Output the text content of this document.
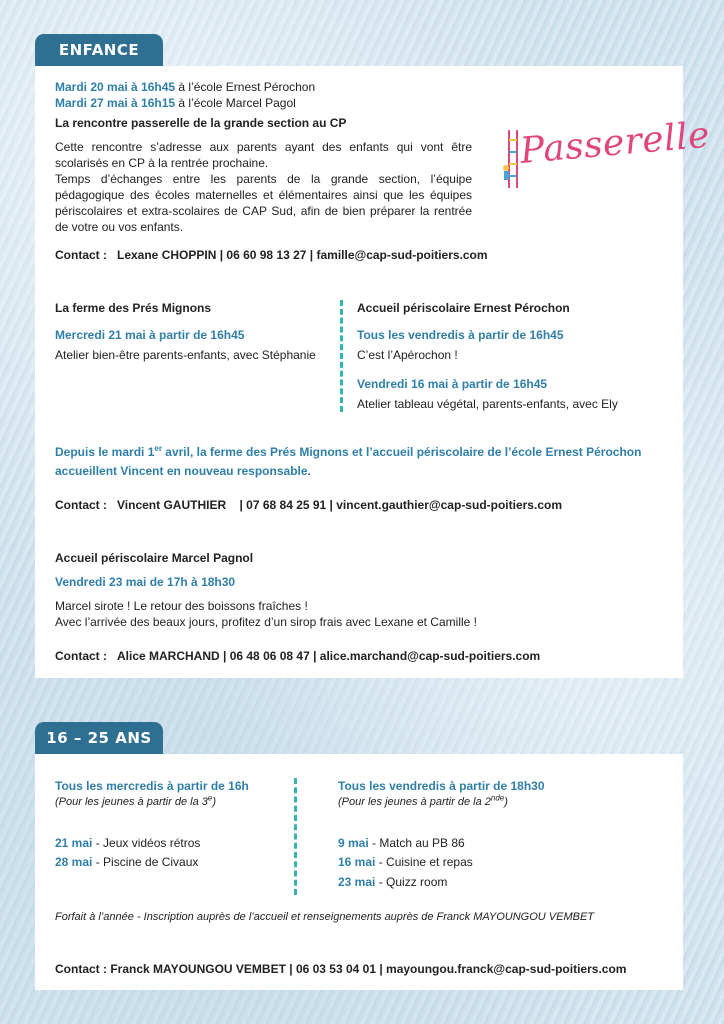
ENFANCE
Mardi 20 mai à 16h45 à l’école Ernest Pérochon
Mardi 27 mai à 16h15 à l’école Marcel Pagol
La rencontre passerelle de la grande section au CP
Cette rencontre s’adresse aux parents ayant des enfants qui vont être scolarisés en CP à la rentrée prochaine.
Temps d’échanges entre les parents de la grande section, l’équipe pédagogique des écoles maternelles et élémentaires ainsi que les équipes périscolaires et extra-scolaires de CAP Sud, afin de bien préparer la rentrée de votre ou vos enfants.
Passerelle
Contact : Lexane CHOPPIN | 06 60 98 13 27 | famille@cap-sud-poitiers.com
La ferme des Prés Mignons
Mercredi 21 mai à partir de 16h45
Atelier bien-être parents-enfants, avec Stéphanie
Accueil périscolaire Ernest Pérochon
Tous les vendredis à partir de 16h45
C’est l’Apérochon !
Vendredi 16 mai à partir de 16h45
Atelier tableau végétal, parents-enfants, avec Ely
Depuis le mardi 1er avril, la ferme des Prés Mignons et l’accueil périscolaire de l’école Ernest Pérochon accueillent Vincent en nouveau responsable.
Contact : Vincent GAUTHIER    | 07 68 84 25 91 | vincent.gauthier@cap-sud-poitiers.com
Accueil périscolaire Marcel Pagnol
Vendredi 23 mai de 17h à 18h30
Marcel sirote ! Le retour des boissons fraîches !
Avec l’arrivée des beaux jours, profitez d’un sirop frais avec Lexane et Camille !
Contact : Alice MARCHAND | 06 48 06 08 47 | alice.marchand@cap-sud-poitiers.com
16 – 25 ANS
Tous les mercredis à partir de 16h
(Pour les jeunes à partir de la 3e)
21 mai - Jeux vidéos rétros
28 mai - Piscine de Civaux
Tous les vendredis à partir de 18h30
(Pour les jeunes à partir de la 2nde)
9 mai - Match au PB 86
16 mai - Cuisine et repas
23 mai - Quizz room
Forfait à l’année - Inscription auprès de l’accueil et renseignements auprès de Franck MAYOUNGOU VEMBET
Contact : Franck MAYOUNGOU VEMBET | 06 03 53 04 01 | mayoungou.franck@cap-sud-poitiers.com
